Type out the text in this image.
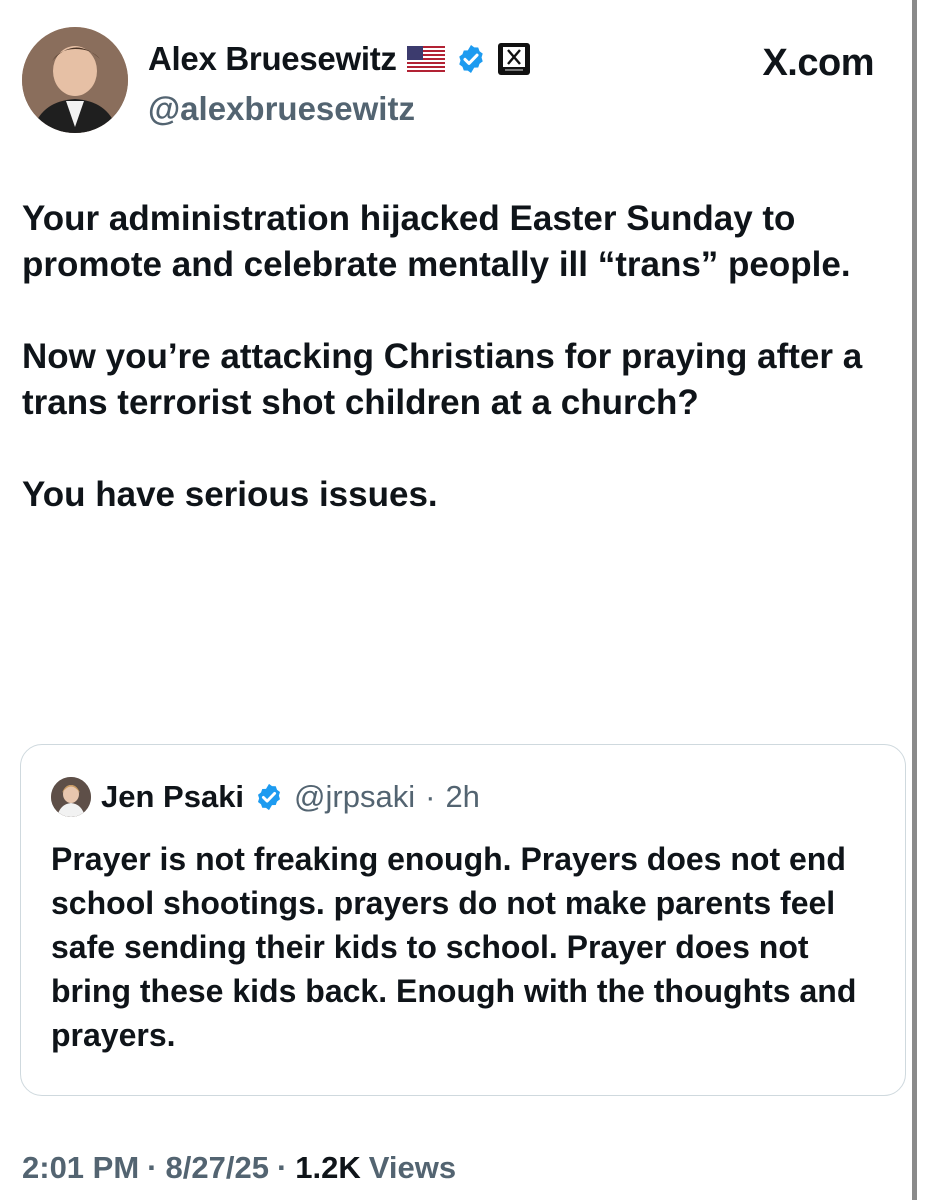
Alex Bruesewitz
@alexbruesewitz
X.com

Your administration hijacked Easter Sunday to promote and celebrate mentally ill “trans” people.

Now you’re attacking Christians for praying after a trans terrorist shot children at a church?

You have serious issues.

Jen Psaki @jrpsaki · 2h
Prayer is not freaking enough. Prayers does not end school shootings. prayers do not make parents feel safe sending their kids to school. Prayer does not bring these kids back. Enough with the thoughts and prayers.
2:01 PM · 8/27/25 · 1.2K Views
